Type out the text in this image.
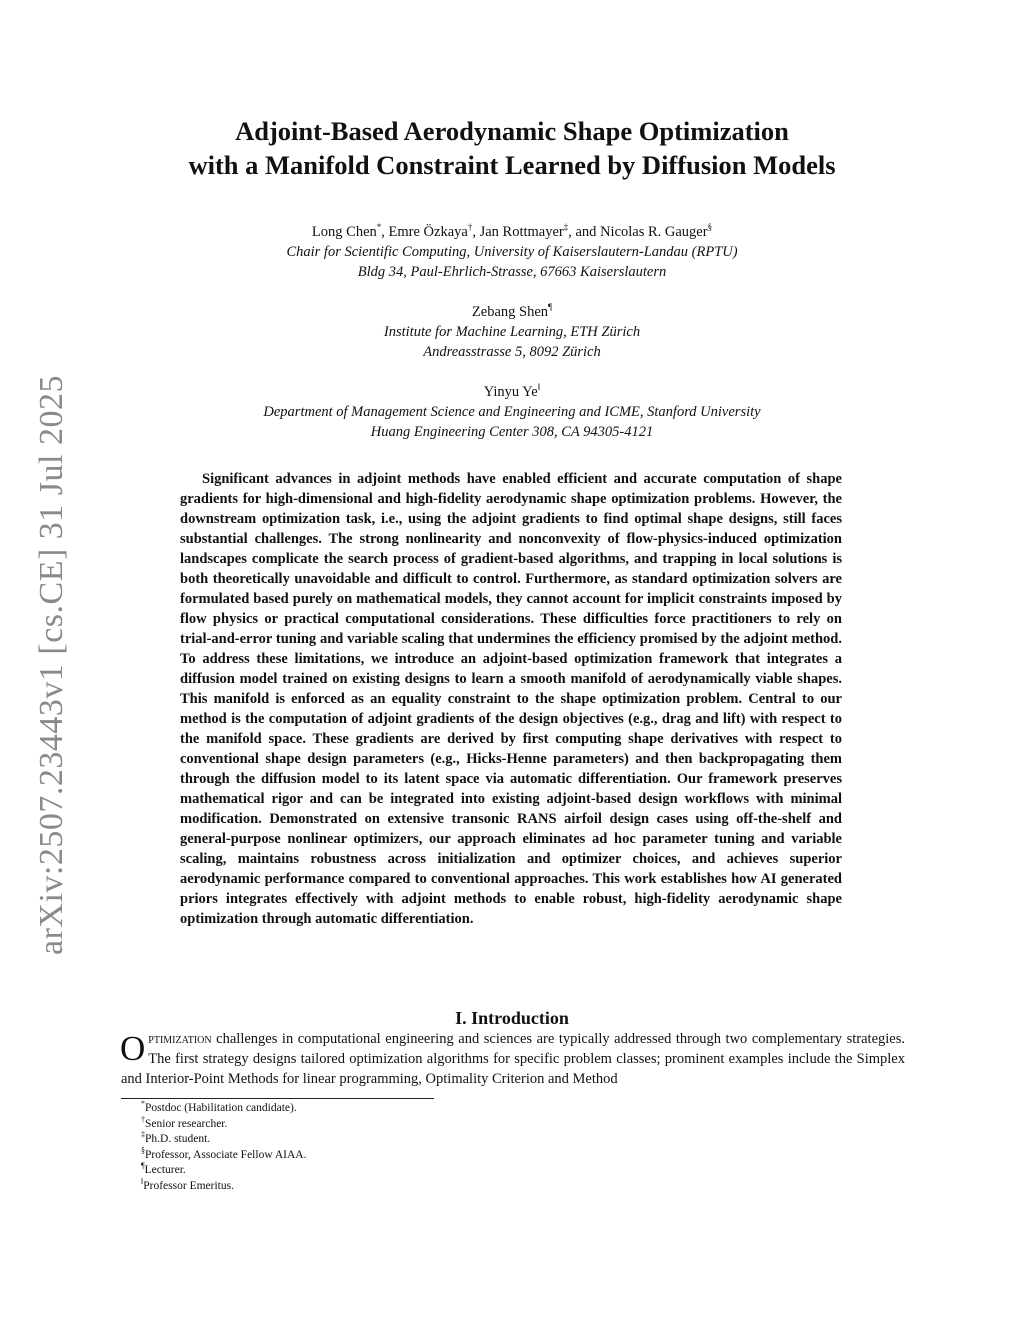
arXiv:2507.23443v1 [cs.CE] 31 Jul 2025
Adjoint-Based Aerodynamic Shape Optimization
with a Manifold Constraint Learned by Diffusion Models
Long Chen*, Emre Özkaya†, Jan Rottmayer‡, and Nicolas R. Gauger§
Chair for Scientific Computing, University of Kaiserslautern-Landau (RPTU)
Bldg 34, Paul-Ehrlich-Strasse, 67663 Kaiserslautern
Zebang Shen¶
Institute for Machine Learning, ETH Zürich
Andreasstrasse 5, 8092 Zürich
Yinyu Ye‖
Department of Management Science and Engineering and ICME, Stanford University
Huang Engineering Center 308, CA 94305-4121
Significant advances in adjoint methods have enabled efficient and accurate computation of shape gradients for high-dimensional and high-fidelity aerodynamic shape optimization problems. However, the downstream optimization task, i.e., using the adjoint gradients to find optimal shape designs, still faces substantial challenges. The strong nonlinearity and nonconvexity of flow-physics-induced optimization landscapes complicate the search process of gradient-based algorithms, and trapping in local solutions is both theoretically unavoidable and difficult to control. Furthermore, as standard optimization solvers are formulated based purely on mathematical models, they cannot account for implicit constraints imposed by flow physics or practical computational considerations. These difficulties force practitioners to rely on trial-and-error tuning and variable scaling that undermines the efficiency promised by the adjoint method. To address these limitations, we introduce an adjoint-based optimization framework that integrates a diffusion model trained on existing designs to learn a smooth manifold of aerodynamically viable shapes. This manifold is enforced as an equality constraint to the shape optimization problem. Central to our method is the computation of adjoint gradients of the design objectives (e.g., drag and lift) with respect to the manifold space. These gradients are derived by first computing shape derivatives with respect to conventional shape design parameters (e.g., Hicks-Henne parameters) and then backpropagating them through the diffusion model to its latent space via automatic differentiation. Our framework preserves mathematical rigor and can be integrated into existing adjoint-based design workflows with minimal modification. Demonstrated on extensive transonic RANS airfoil design cases using off-the-shelf and general-purpose nonlinear optimizers, our approach eliminates ad hoc parameter tuning and variable scaling, maintains robustness across initialization and optimizer choices, and achieves superior aerodynamic performance compared to conventional approaches. This work establishes how AI generated priors integrates effectively with adjoint methods to enable robust, high-fidelity aerodynamic shape optimization through automatic differentiation.
I. Introduction
Optimization challenges in computational engineering and sciences are typically addressed through two complementary strategies. The first strategy designs tailored optimization algorithms for specific problem classes; prominent examples include the Simplex and Interior-Point Methods for linear programming, Optimality Criterion and Method
*Postdoc (Habilitation candidate).
†Senior researcher.
‡Ph.D. student.
§Professor, Associate Fellow AIAA.
¶Lecturer.
‖Professor Emeritus.
